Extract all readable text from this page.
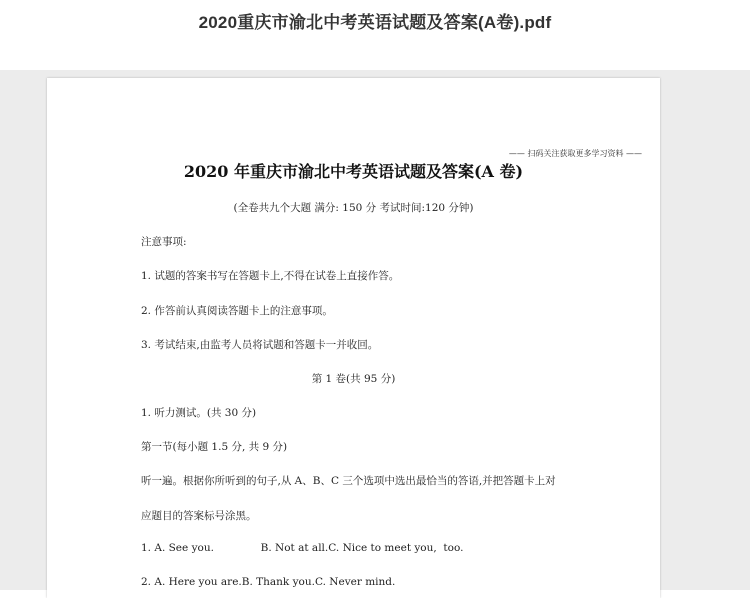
2020重庆市渝北中考英语试题及答案(A卷).pdf
—— 扫码关注获取更多学习资料 ——
2020 年重庆市渝北中考英语试题及答案(A 卷)
(全卷共九个大题 满分: 150 分 考试时间:120 分钟)
注意事项:
1. 试题的答案书写在答题卡上,不得在试卷上直接作答。
2. 作答前认真阅读答题卡上的注意事项。
3. 考试结束,由监考人员将试题和答题卡一并收回。
第 1 卷(共 95 分)
1. 听力测试。(共 30 分)
第一节(每小题 1.5 分, 共 9 分)
听一遍。根据你所听到的句子,从 A、B、C 三个选项中选出最恰当的答语,并把答题卡上对
应题目的答案标号涂黑。
1. A. See you.              B. Not at all.C. Nice to meet you,  too.
2. A. Here you are.B. Thank you.C. Never mind.
